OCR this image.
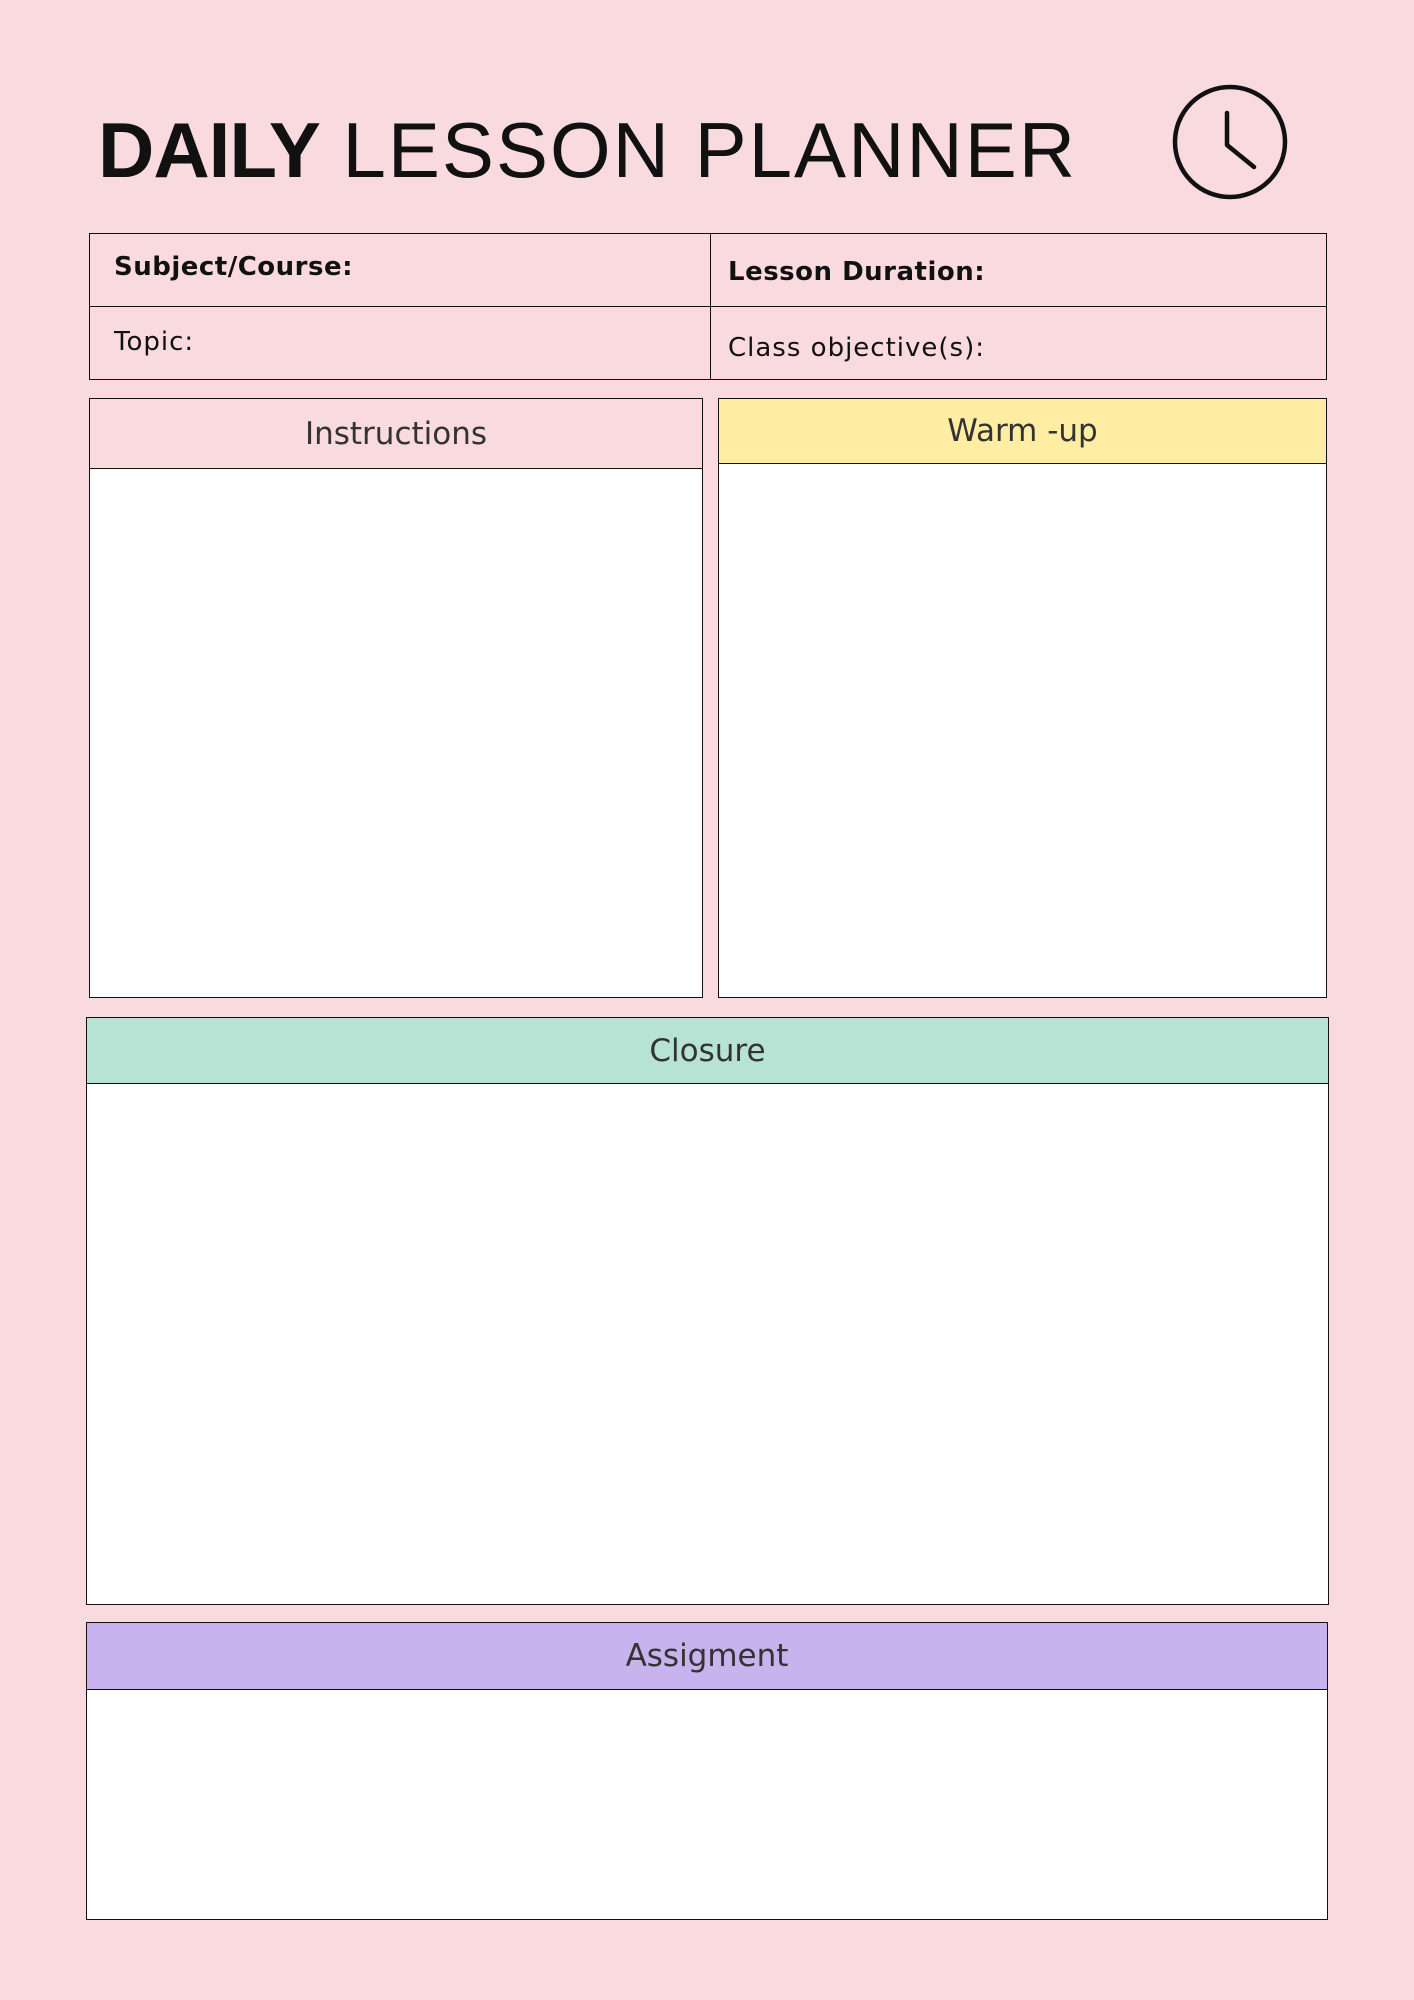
DAILY LESSON PLANNER
Subject/Course:	Lesson Duration:
Topic:	Class objective(s):
Instructions	Warm -up
Closure
Assigment
